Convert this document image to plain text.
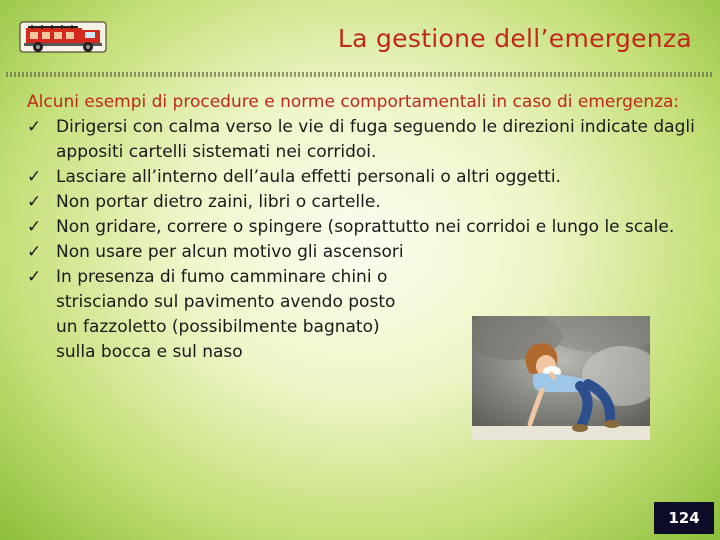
La gestione dell’emergenza

Alcuni esempi di procedure e norme comportamentali in caso di emergenza:

✓ Dirigersi con calma verso le vie di fuga seguendo le direzioni indicate dagli appositi cartelli sistemati nei corridoi.
✓ Lasciare all’interno dell’aula effetti personali o altri oggetti.
✓ Non portar dietro zaini, libri o cartelle.
✓ Non gridare, correre o spingere (soprattutto nei corridoi e lungo le scale.
✓ Non usare per alcun motivo gli ascensori
✓ In presenza di fumo camminare chini o strisciando sul pavimento avendo posto un fazzoletto (possibilmente bagnato) sulla bocca e sul naso
124
